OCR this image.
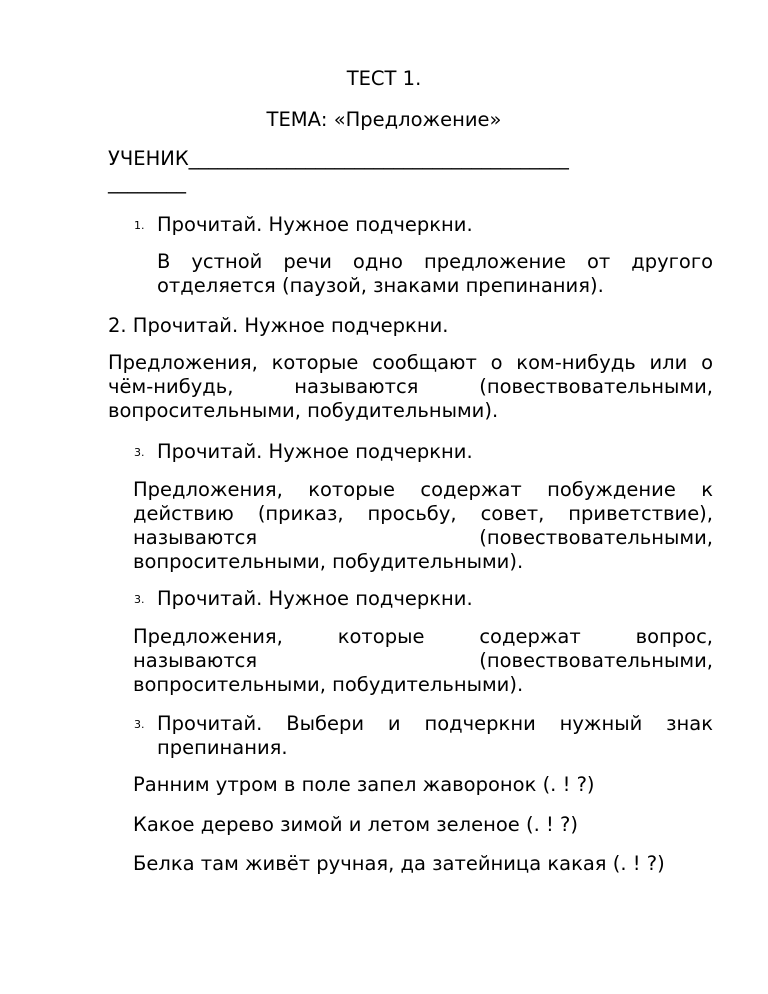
ТЕСТ 1.
ТЕМА: «Предложение»
УЧЕНИК_______________________________________
________
1. Прочитай. Нужное подчеркни.
В устной речи одно предложение от другого
отделяется (паузой, знаками препинания).
2. Прочитай. Нужное подчеркни.
Предложения, которые сообщают о ком-нибудь или о
чём-нибудь, называются (повествовательными,
вопросительными, побудительными).
3. Прочитай. Нужное подчеркни.
Предложения, которые содержат побуждение к
действию (приказ, просьбу, совет, приветствие),
называются (повествовательными,
вопросительными, побудительными).
3. Прочитай. Нужное подчеркни.
Предложения, которые содержат вопрос,
называются (повествовательными,
вопросительными, побудительными).
3. Прочитай. Выбери и подчеркни нужный знак
препинания.
Ранним утром в поле запел жаворонок (. ! ?)
Какое дерево зимой и летом зеленое (. ! ?)
Белка там живёт ручная, да затейница какая (. ! ?)
